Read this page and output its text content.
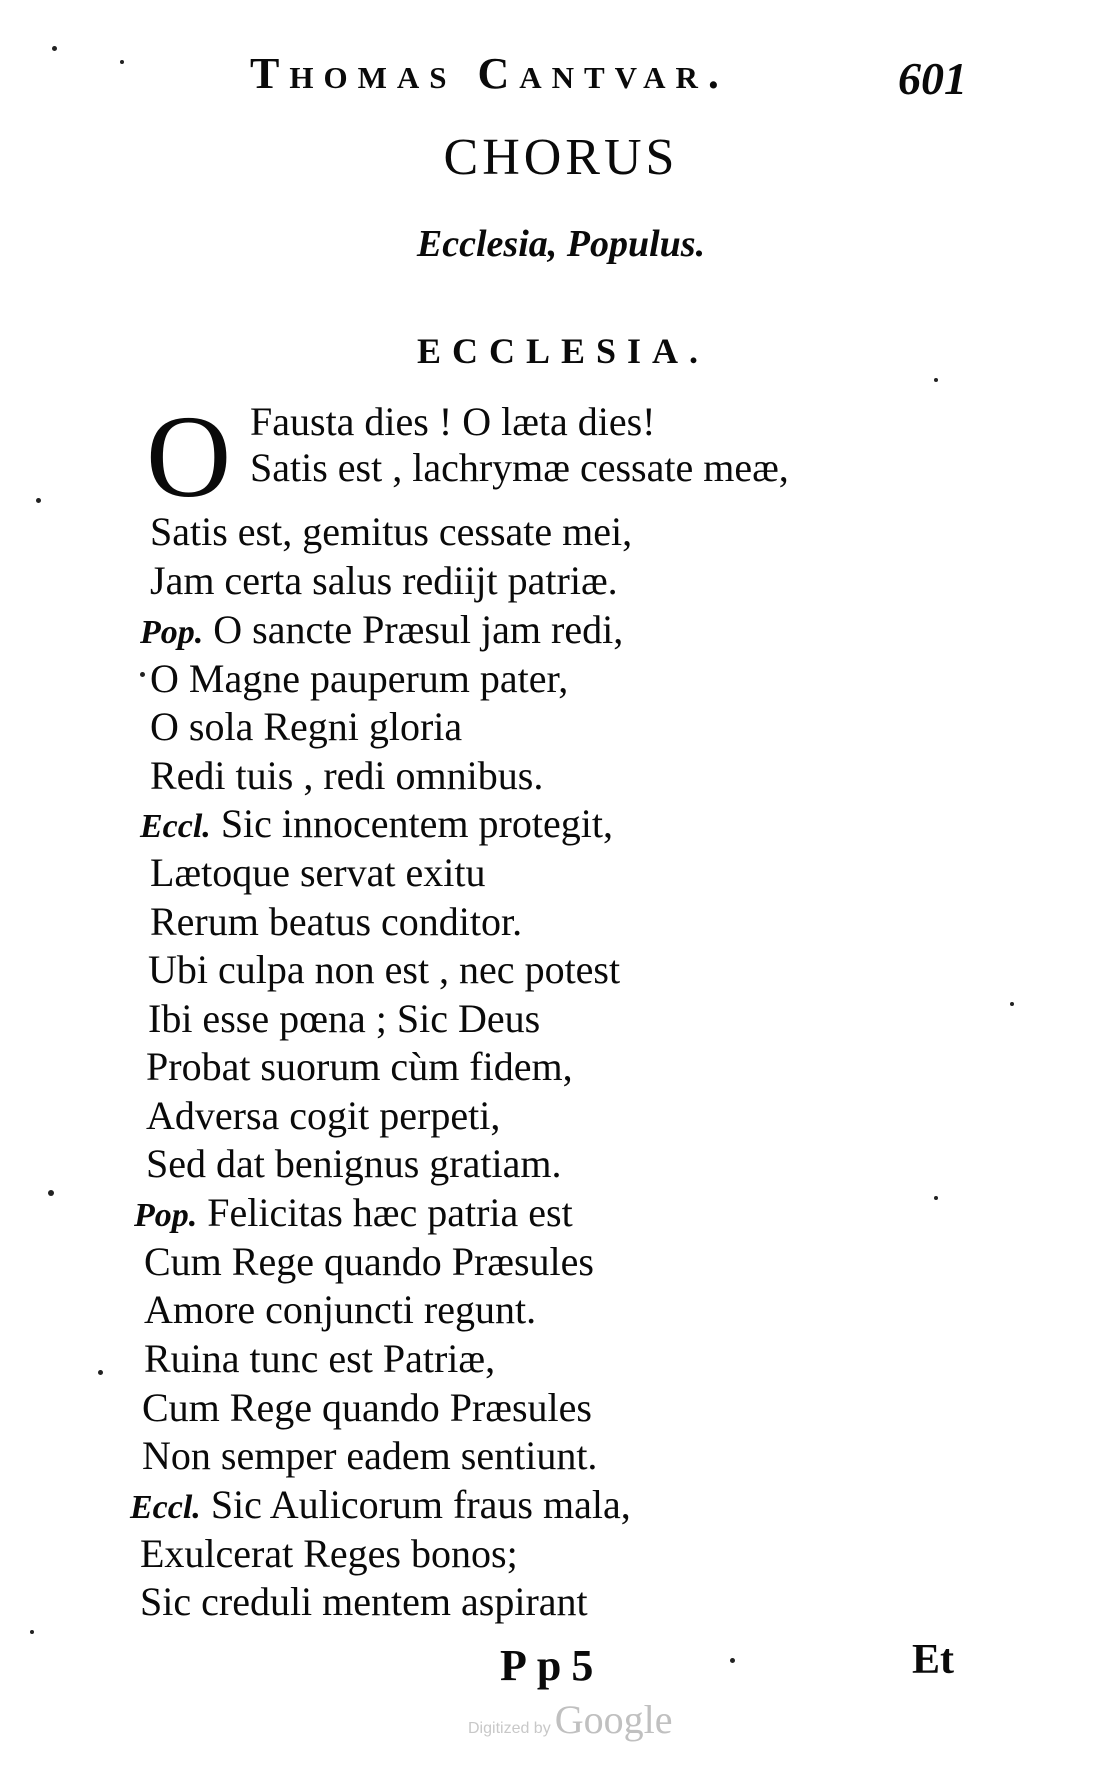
Thomas Cantvar.	601
CHORUS
Ecclesia, Populus.
ECCLESIA.
O Fausta dies ! O læta dies!
Satis est , lachrymæ cessate meæ,
Satis est, gemitus cessate mei,
Jam certa salus rediijt patriæ.
Pop. O sancte Præsul jam redi,
O Magne pauperum pater,
O sola Regni gloria
Redi tuis , redi omnibus.
Eccl. Sic innocentem protegit,
Lætoque servat exitu
Rerum beatus conditor.
Ubi culpa non est , nec potest
Ibi esse pœna ; Sic Deus
Probat suorum cùm fidem,
Adversa cogit perpeti,
Sed dat benignus gratiam.
Pop. Felicitas hæc patria est
Cum Rege quando Præsules
Amore conjuncti regunt.
Ruina tunc est Patriæ,
Cum Rege quando Præsules
Non semper eadem sentiunt.
Eccl. Sic Aulicorum fraus mala,
Exulcerat Reges bonos;
Sic creduli mentem aspirant
Pp5	Et
Digitized by Google
